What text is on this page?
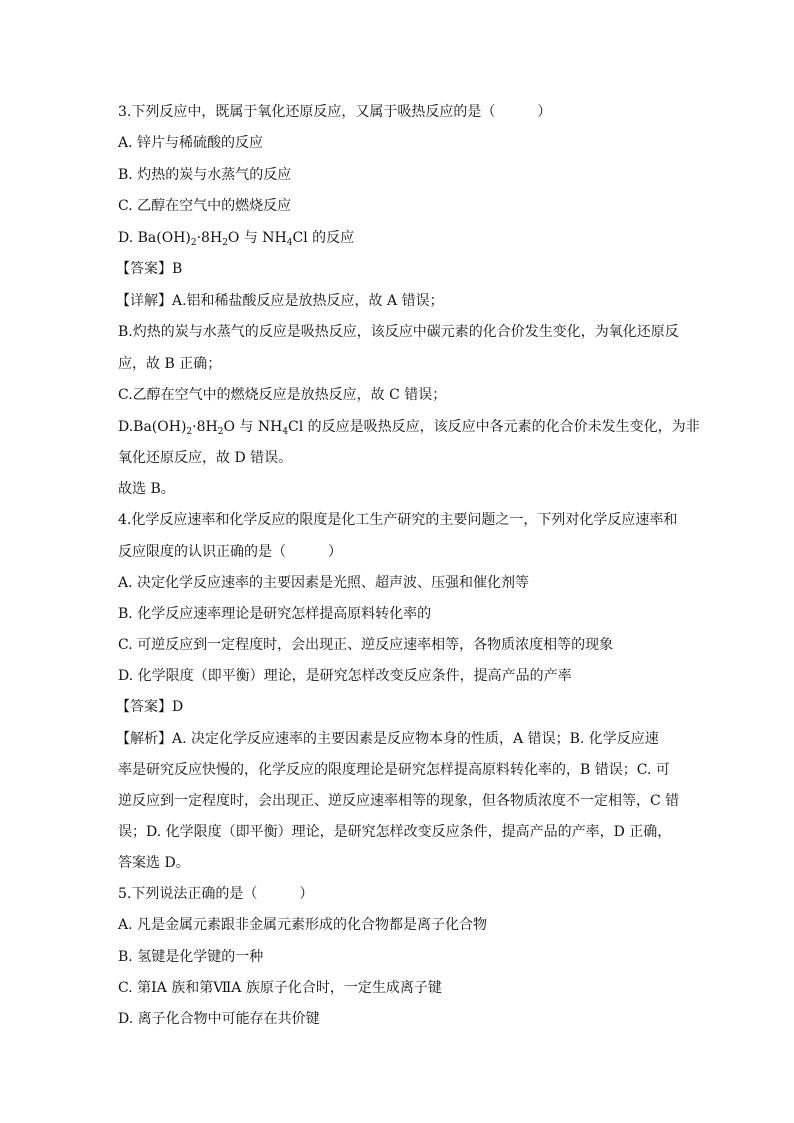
3.下列反应中，既属于氧化还原反应，又属于吸热反应的是（　　　）
A. 锌片与稀硫酸的反应
B. 灼热的炭与水蒸气的反应
C. 乙醇在空气中的燃烧反应
D. $Ba(OH)_2\cdot 8H_2O$ 与 $NH_4Cl$ 的反应
【答案】B
【详解】A.铝和稀盐酸反应是放热反应，故 A 错误；
B.灼热的炭与水蒸气的反应是吸热反应，该反应中碳元素的化合价发生变化，为氧化还原反
应，故 B 正确；
C.乙醇在空气中的燃烧反应是放热反应，故 C 错误；
$D.Ba(OH)_2\cdot 8H_2O$ 与 $NH_4Cl$ 的反应是吸热反应，该反应中各元素的化合价未发生变化，为非
氧化还原反应，故 D 错误。
故选 B。
4.化学反应速率和化学反应的限度是化工生产研究的主要问题之一，下列对化学反应速率和
反应限度的认识正确的是（　　　）
A. 决定化学反应速率的主要因素是光照、超声波、压强和催化剂等
B. 化学反应速率理论是研究怎样提高原料转化率的
C. 可逆反应到一定程度时，会出现正、逆反应速率相等，各物质浓度相等的现象
D. 化学限度（即平衡）理论，是研究怎样改变反应条件，提高产品的产率
【答案】D
【解析】A. 决定化学反应速率的主要因素是反应物本身的性质，A 错误；B. 化学反应速
率是研究反应快慢的，化学反应的限度理论是研究怎样提高原料转化率的，B 错误；C. 可
逆反应到一定程度时，会出现正、逆反应速率相等的现象，但各物质浓度不一定相等，C 错
误；D. 化学限度（即平衡）理论，是研究怎样改变反应条件，提高产品的产率，D 正确，
答案选 D。
5.下列说法正确的是（　　　）
A. 凡是金属元素跟非金属元素形成的化合物都是离子化合物
B. 氢键是化学键的一种
C. 第ⅠA 族和第ⅦA 族原子化合时，一定生成离子键
D. 离子化合物中可能存在共价键
